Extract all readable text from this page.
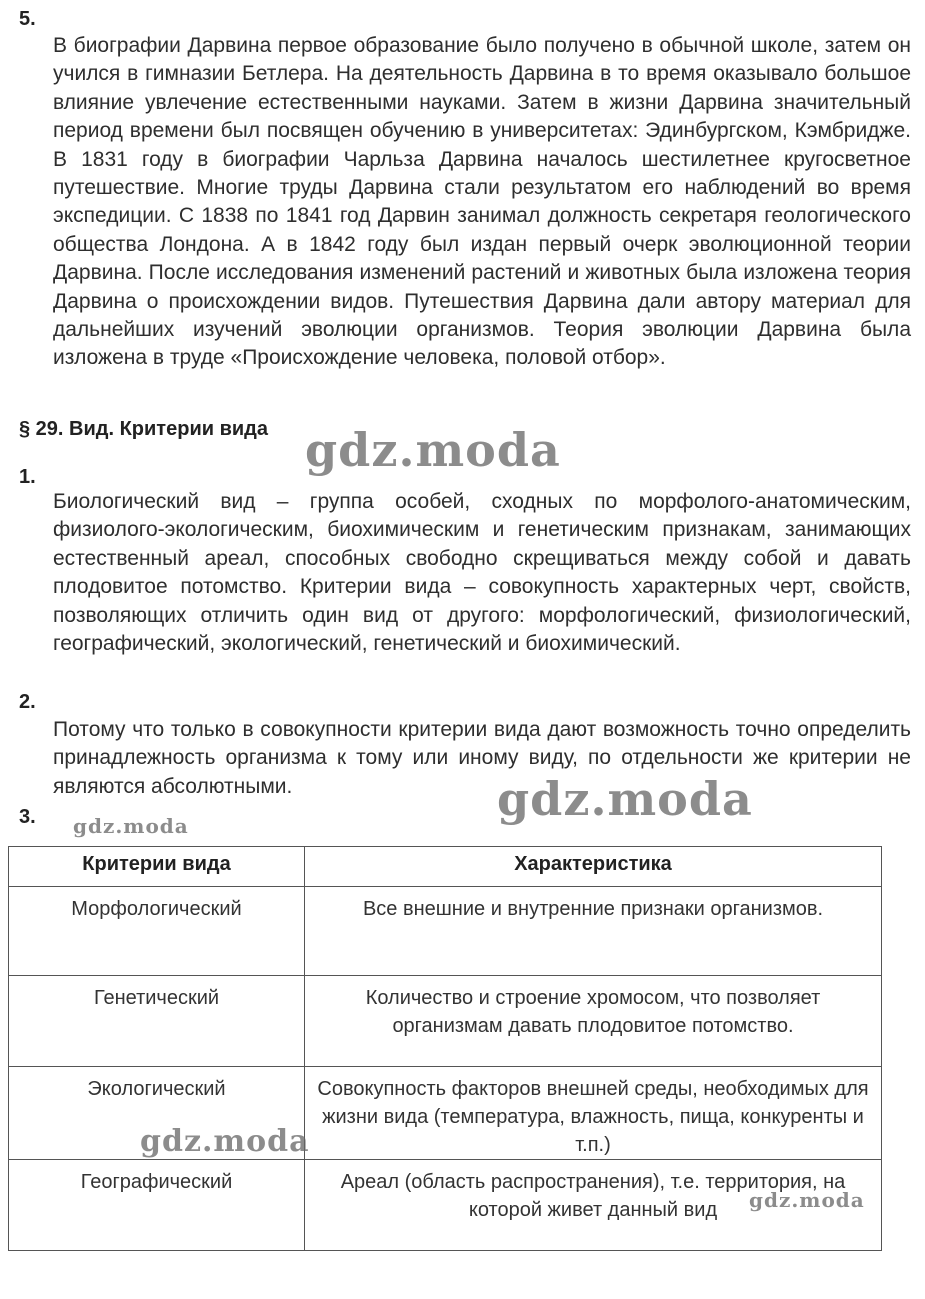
5.
В биографии Дарвина первое образование было получено в обычной школе, затем он учился в гимназии Бетлера. На деятельность Дарвина в то время оказывало большое влияние увлечение естественными науками. Затем в жизни Дарвина значительный период времени был посвящен обучению в университетах: Эдинбургском, Кэмбридже. В 1831 году в биографии Чарльза Дарвина началось шестилетнее кругосветное путешествие. Многие труды Дарвина стали результатом его наблюдений во время экспедиции. С 1838 по 1841 год Дарвин занимал должность секретаря геологического общества Лондона. А в 1842 году был издан первый очерк эволюционной теории Дарвина. После исследования изменений растений и животных была изложена теория Дарвина о происхождении видов. Путешествия Дарвина дали автору материал для дальнейших изучений эволюции организмов. Теория эволюции Дарвина была изложена в труде «Происхождение человека, половой отбор».
§ 29. Вид. Критерии вида
1.
Биологический вид – группа особей, сходных по морфолого-анатомическим, физиолого-экологическим, биохимическим и генетическим признакам, занимающих естественный ареал, способных свободно скрещиваться между собой и давать плодовитое потомство. Критерии вида – совокупность характерных черт, свойств, позволяющих отличить один вид от другого: морфологический, физиологический, географический, экологический, генетический и биохимический.
2.
Потому что только в совокупности критерии вида дают возможность точно определить принадлежность организма к тому или иному виду, по отдельности же критерии не являются абсолютными.
3.
Критерии вида	Характеристика
Морфологический	Все внешние и внутренние признаки организмов.
Генетический	Количество и строение хромосом, что позволяет организмам давать плодовитое потомство.
Экологический	Совокупность факторов внешней среды, необходимых для жизни вида (температура, влажность, пища, конкуренты и т.п.)
Географический	Ареал (область распространения), т.е. территория, на которой живет данный вид
gdz.moda
gdz.moda
gdz.moda
gdz.moda
gdz.moda
